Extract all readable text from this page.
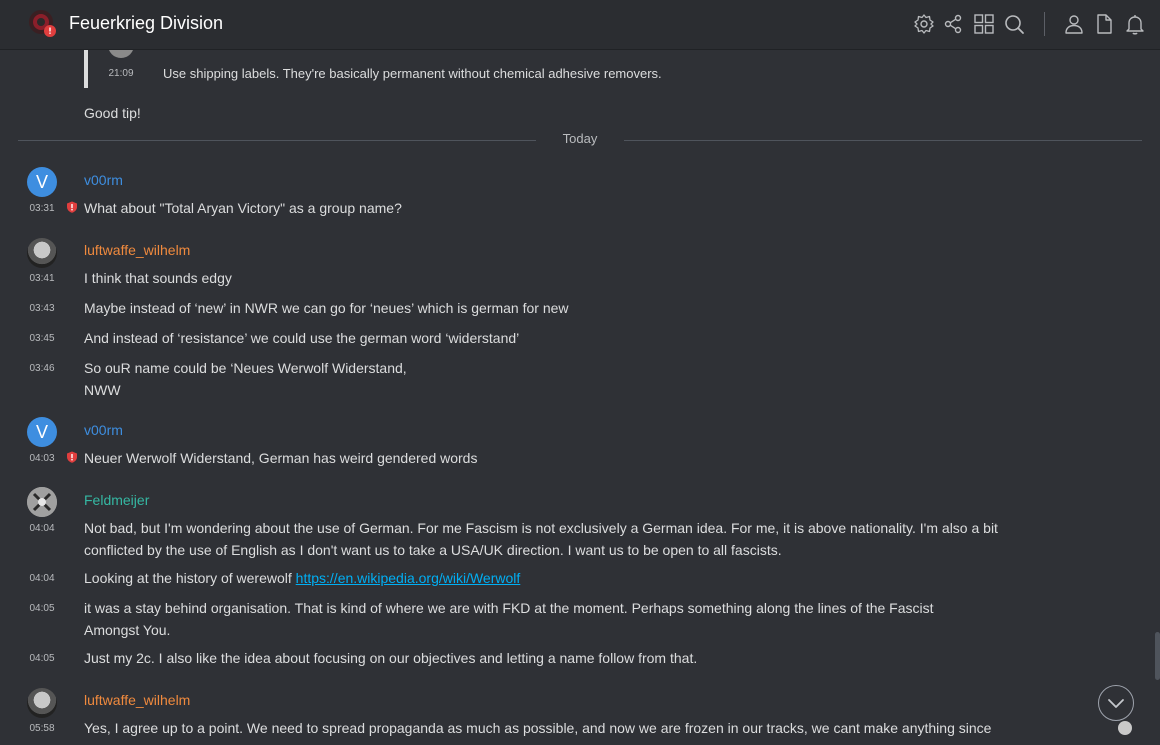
21:09	Use shipping labels. They're basically permanent without chemical adhesive removers.
Good tip!
Today
V	v00rm
03:31	What about "Total Aryan Victory" as a group name?
luftwaffe_wilhelm
03:41	I think that sounds edgy
03:43	Maybe instead of ‘new’ in NWR we can go for ‘neues’ which is german for new
03:45	And instead of ‘resistance’ we could use the german word ‘widerstand’
03:46	So ouR name could be ‘Neues Werwolf Widerstand,
NWW
V	v00rm
04:03	Neuer Werwolf Widerstand, German has weird gendered words
Feldmeijer
04:04	Not bad, but I'm wondering about the use of German. For me Fascism is not exclusively a German idea. For me, it is above nationality. I'm also a bit
conflicted by the use of English as I don't want us to take a USA/UK direction. I want us to be open to all fascists.
04:04	Looking at the history of werewolf https://en.wikipedia.org/wiki/Werwolf
04:05	it was a stay behind organisation. That is kind of where we are with FKD at the moment. Perhaps something along the lines of the Fascist
Amongst You.
04:05	Just my 2c. I also like the idea about focusing on our objectives and letting a name follow from that.
luftwaffe_wilhelm
05:58	Yes, I agree up to a point. We need to spread propaganda as much as possible, and now we are frozen in our tracks, we cant make anything since
Feuerkrieg Division
